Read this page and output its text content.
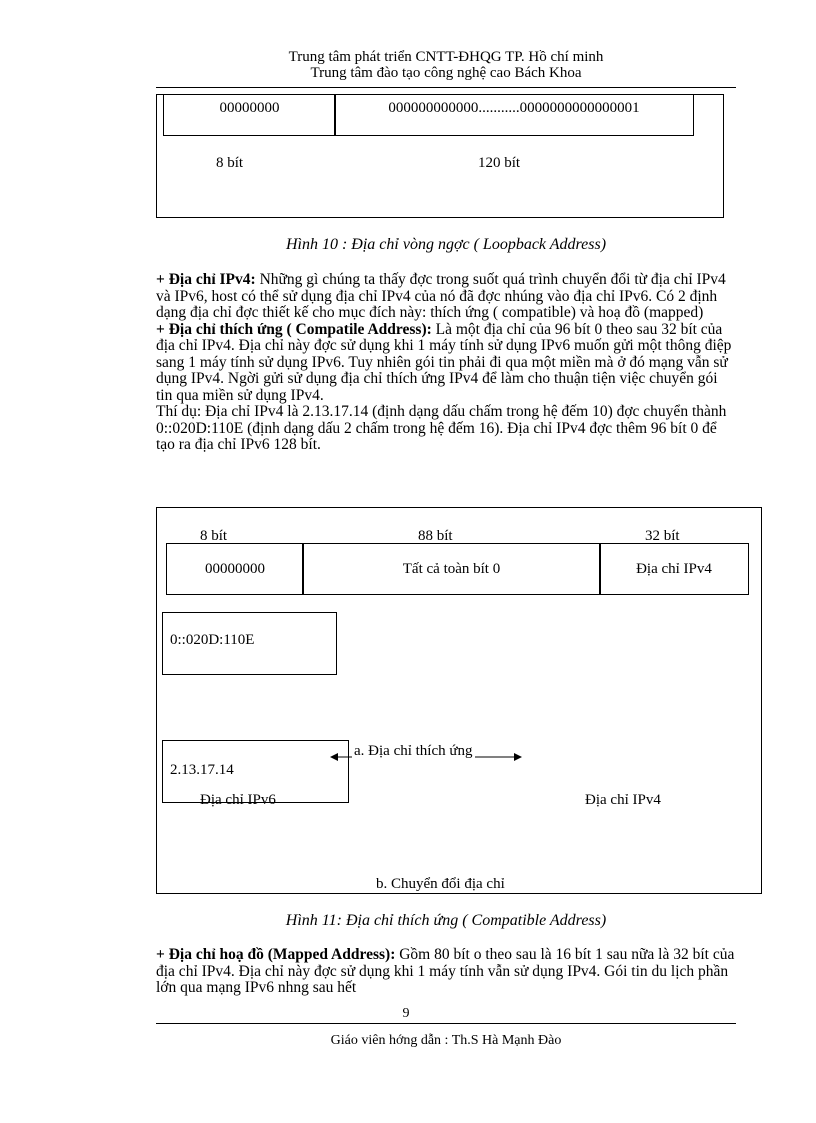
Trung tâm phát triển CNTT-ĐHQG TP. Hồ chí minh
Trung tâm đào tạo công nghệ cao Bách Khoa
00000000	000000000000...........0000000000000001
8 bít	120 bít
Hình 10 : Địa chỉ vòng ngợc ( Loopback Address)

+ Địa chỉ IPv4: Những gì chúng ta thấy đợc trong suốt quá trình chuyển đổi từ địa chỉ IPv4 và IPv6, host có thể sử dụng địa chỉ IPv4 của nó đã đợc nhúng vào địa chỉ IPv6. Có 2 định dạng địa chỉ đợc thiết kế cho mục đích này: thích ứng ( compatible) và hoạ đồ (mapped)

+ Địa chỉ thích ứng ( Compatile Address): Là một địa chỉ của 96 bít 0 theo sau 32 bít của địa chỉ IPv4. Địa chỉ này đợc sử dụng khi 1 máy tính sử dụng IPv6 muốn gửi một thông điệp sang 1 máy tính sử dụng IPv6. Tuy nhiên gói tin phải đi qua một miền mà ở đó mạng vẫn sử dụng IPv4. Ngời gửi sử dụng địa chỉ thích ứng IPv4 để làm cho thuận tiện việc chuyển gói tin qua miền sử dụng IPv4.

Thí dụ: Địa chỉ IPv4 là 2.13.17.14 (định dạng dấu chấm trong hệ đếm 10) đợc chuyển thành 0::020D:110E (định dạng dấu 2 chấm trong hệ đếm 16). Địa chỉ IPv4 đợc thêm 96 bít 0 để tạo ra địa chỉ IPv6 128 bít.

8 bít	88 bít	32 bít
00000000	Tất cả toàn bít 0	Địa chỉ IPv4
0::020D:110E
2.13.17.14
a. Địa chỉ thích ứng
Địa chỉ IPv6	Địa chỉ IPv4
b. Chuyển đổi địa chỉ
Hình 11: Địa chỉ thích ứng ( Compatible Address)

+ Địa chỉ hoạ đồ (Mapped Address): Gồm 80 bít o theo sau là 16 bít 1 sau nữa là 32 bít của địa chỉ IPv4. Địa chỉ này đợc sử dụng khi 1 máy tính vẫn sử dụng IPv4. Gói tin du lịch phần lớn qua mạng IPv6 nhng sau hết

9
Giáo viên hớng dẫn : Th.S Hà Mạnh Đào
